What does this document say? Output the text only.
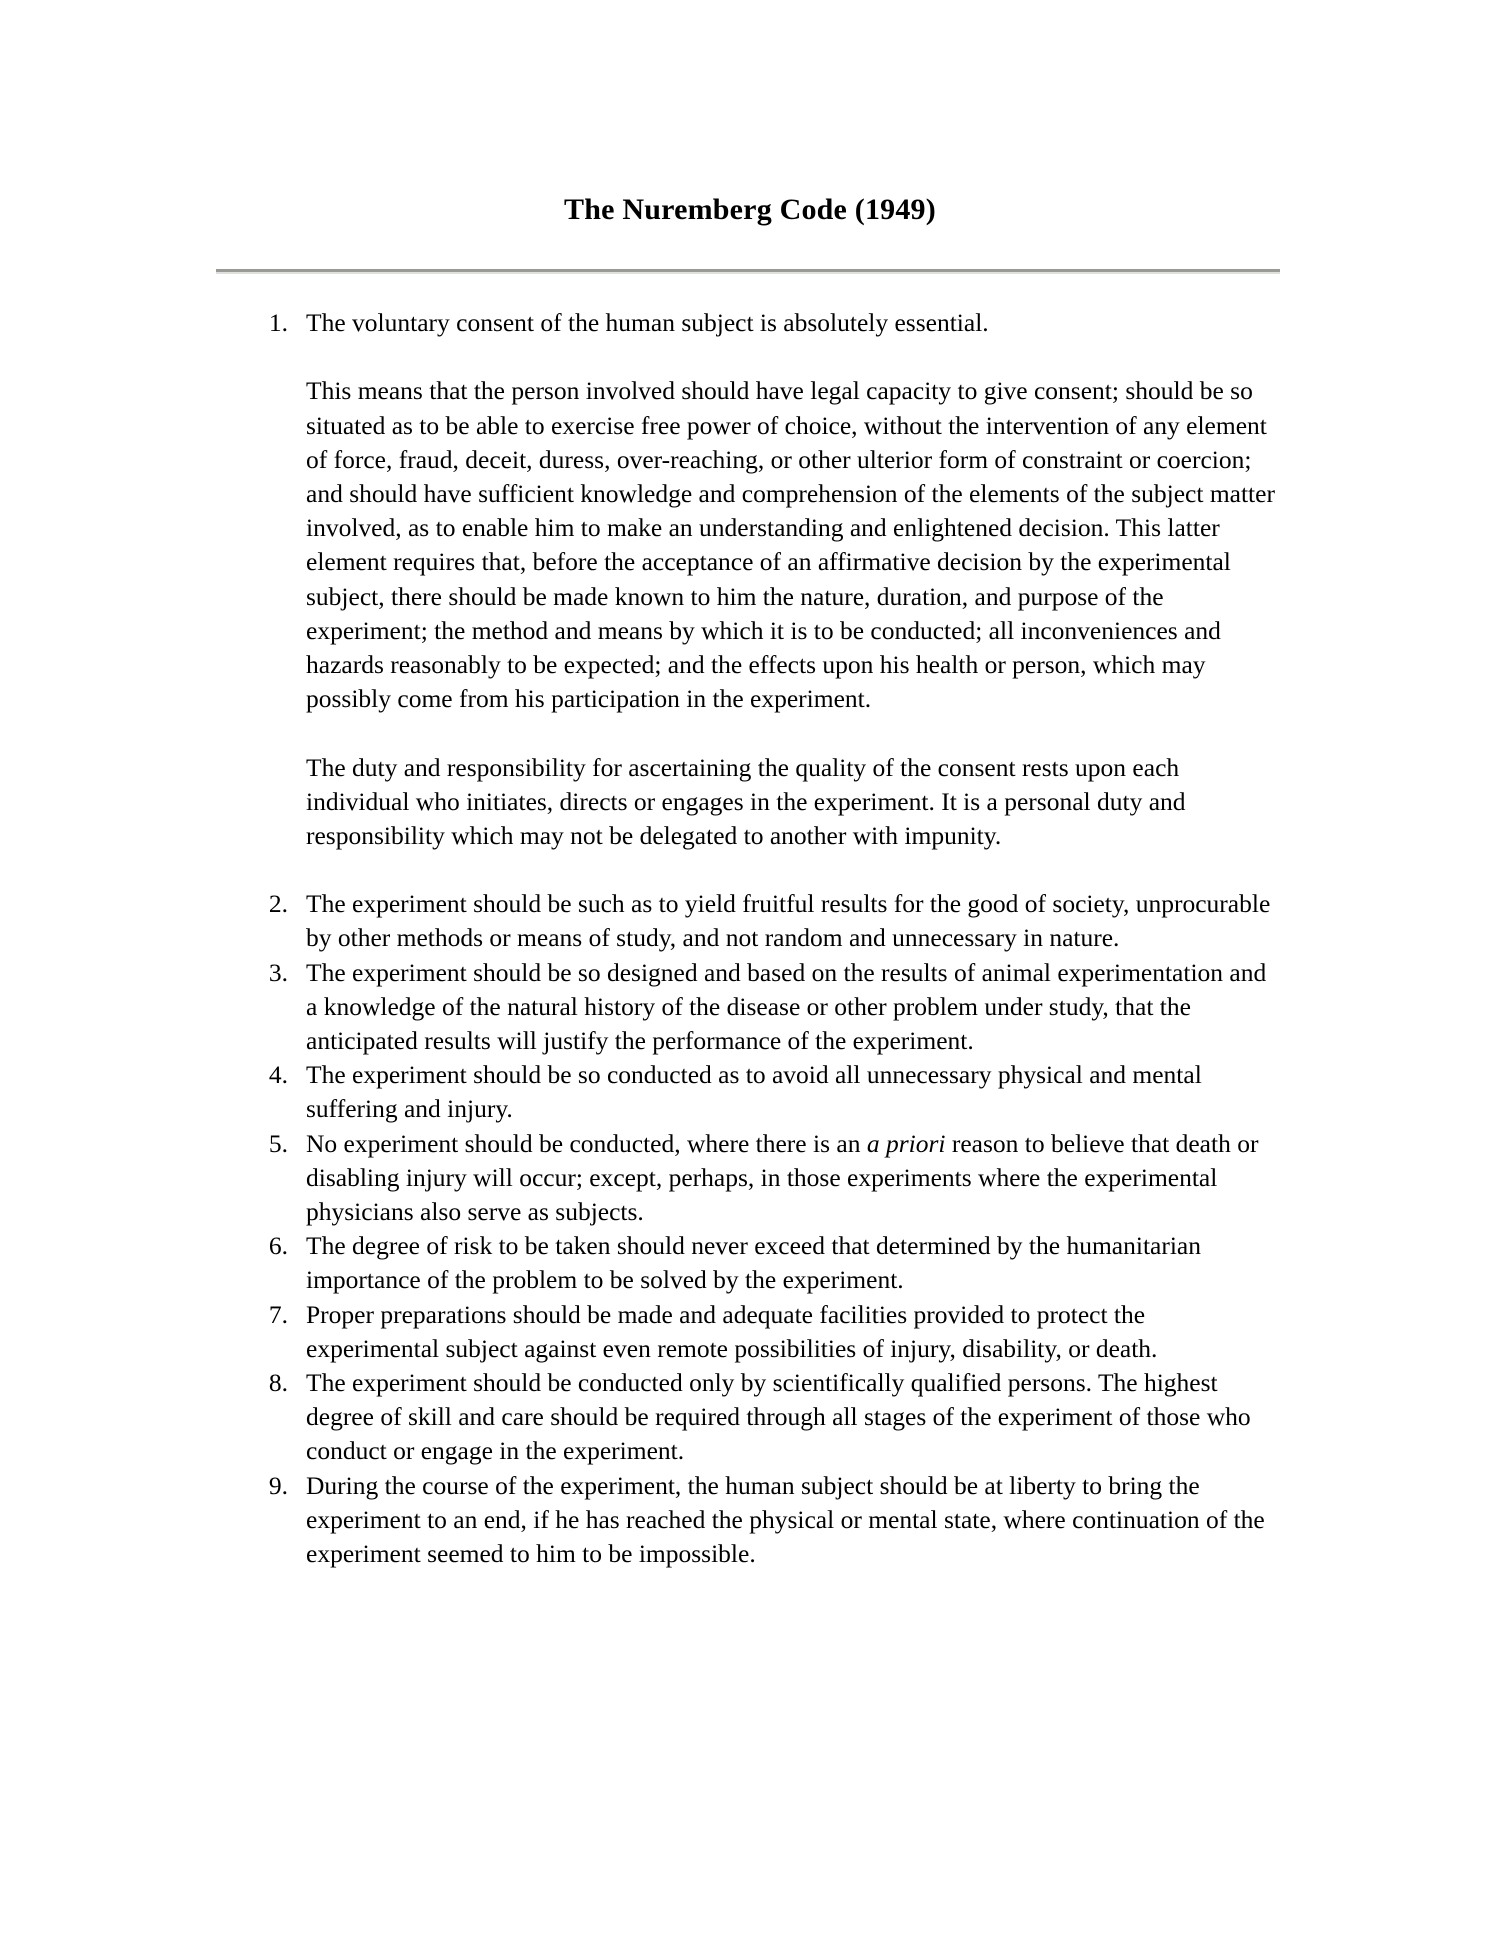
The Nuremberg Code (1949)
1. The voluntary consent of the human subject is absolutely essential.
This means that the person involved should have legal capacity to give consent; should be so situated as to be able to exercise free power of choice, without the intervention of any element of force, fraud, deceit, duress, over-reaching, or other ulterior form of constraint or coercion; and should have sufficient knowledge and comprehension of the elements of the subject matter involved, as to enable him to make an understanding and enlightened decision. This latter element requires that, before the acceptance of an affirmative decision by the experimental subject, there should be made known to him the nature, duration, and purpose of the experiment; the method and means by which it is to be conducted; all inconveniences and hazards reasonably to be expected; and the effects upon his health or person, which may possibly come from his participation in the experiment.
The duty and responsibility for ascertaining the quality of the consent rests upon each individual who initiates, directs or engages in the experiment. It is a personal duty and responsibility which may not be delegated to another with impunity.
2. The experiment should be such as to yield fruitful results for the good of society, unprocurable by other methods or means of study, and not random and unnecessary in nature.
3. The experiment should be so designed and based on the results of animal experimentation and a knowledge of the natural history of the disease or other problem under study, that the anticipated results will justify the performance of the experiment.
4. The experiment should be so conducted as to avoid all unnecessary physical and mental suffering and injury.
5. No experiment should be conducted, where there is an a priori reason to believe that death or disabling injury will occur; except, perhaps, in those experiments where the experimental physicians also serve as subjects.
6. The degree of risk to be taken should never exceed that determined by the humanitarian importance of the problem to be solved by the experiment.
7. Proper preparations should be made and adequate facilities provided to protect the experimental subject against even remote possibilities of injury, disability, or death.
8. The experiment should be conducted only by scientifically qualified persons. The highest degree of skill and care should be required through all stages of the experiment of those who conduct or engage in the experiment.
9. During the course of the experiment, the human subject should be at liberty to bring the experiment to an end, if he has reached the physical or mental state, where continuation of the experiment seemed to him to be impossible.
